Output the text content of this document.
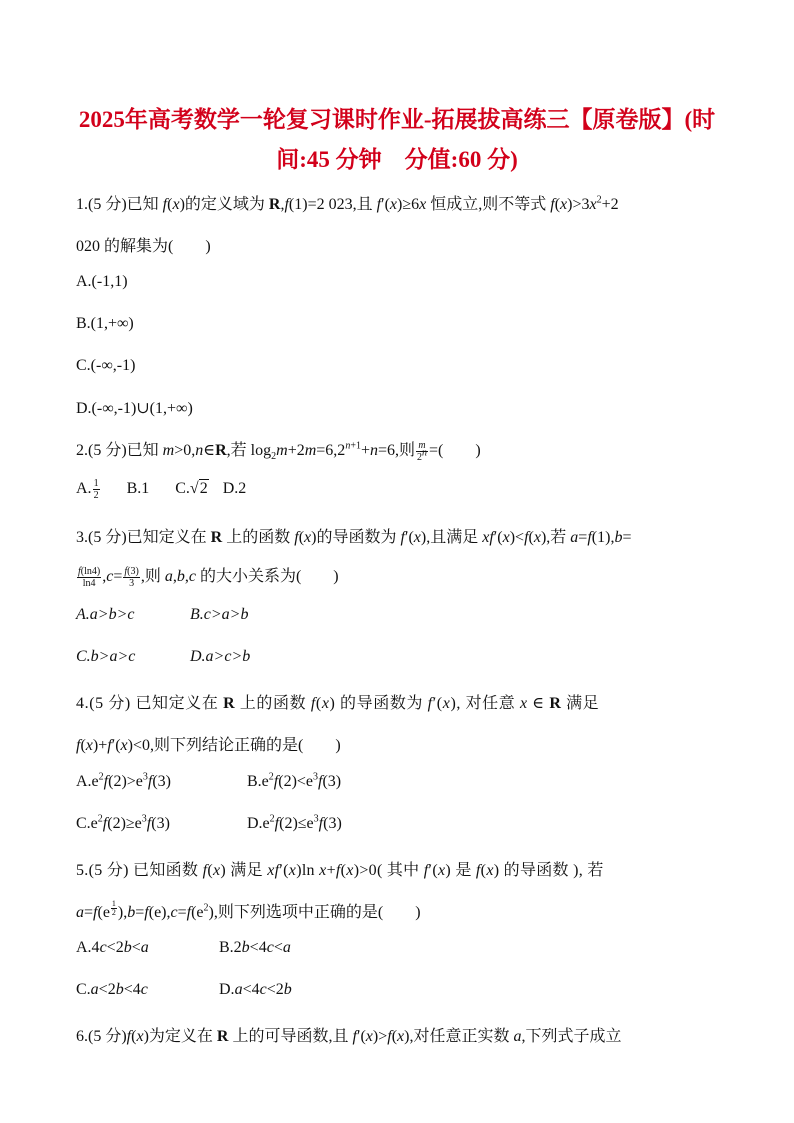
2025年高考数学一轮复习课时作业-拓展拔高练三【原卷版】(时
间:45 分钟　分值:60 分)
1.(5 分)已知 f(x)的定义域为 R,f(1)=2 023,且 f′(x)≥6x 恒成立,则不等式 $f(x)>3x^2+2$
020 的解集为(　　)
A.(-1,1)
B.(1,+∞)
C.(-∞,-1)
D.(-∞,-1)∪(1,+∞)
2.(5 分)已知 m>0,n∈R,若 $\log_2m+2m=6,2^{n+1}+n=6$,则 $\frac{m}{2^n}$ =(　　)
A. $\frac{1}{2} B.1$ C.√2 D.2
3.(5 分)已知定义在 R 上的函数 f(x)的导函数为 f′(x),且满足 xf′(x)<f(x),若 a=f(1),b=
$\frac{f(\ln 4)}{\ln 4} ,c= \frac{f(3)}{3}$ ,则 a,b,c 的大小关系为(　　)
A.a>b>c	B.c>a>b
C.b>a>c	D.a>c>b
4.(5 分) 已知定义在 R 上的函数 f(x) 的导函数为 f′(x), 对任意 x ∈ R 满足
f(x)+f′(x)<0,则下列结论正确的是(　　)
$A.e^2f(2)>e^3f(3)$	$B.e^2f(2)<e^3f(3)$
$C.e^2f(2)\ge e^3f(3)$	$D.e^2f(2)\le e^3f(3)$
5.(5 分) 已知函数 f(x) 满足 xf′(x)ln x+f(x)>0( 其中 f′(x) 是 f(x) 的导函数 ), 若
a=f(e $^{\frac{1}{2}}$ )$,b=f(e),c=f(e^2)$,则下列选项中正确的是(　　)
A.4c<2b<a	B.2b<4c<a
C.a<2b<4c	D.a<4c<2b
6.(5 分)f(x)为定义在 R 上的可导函数,且 f′(x)>f(x),对任意正实数 a,下列式子成立
